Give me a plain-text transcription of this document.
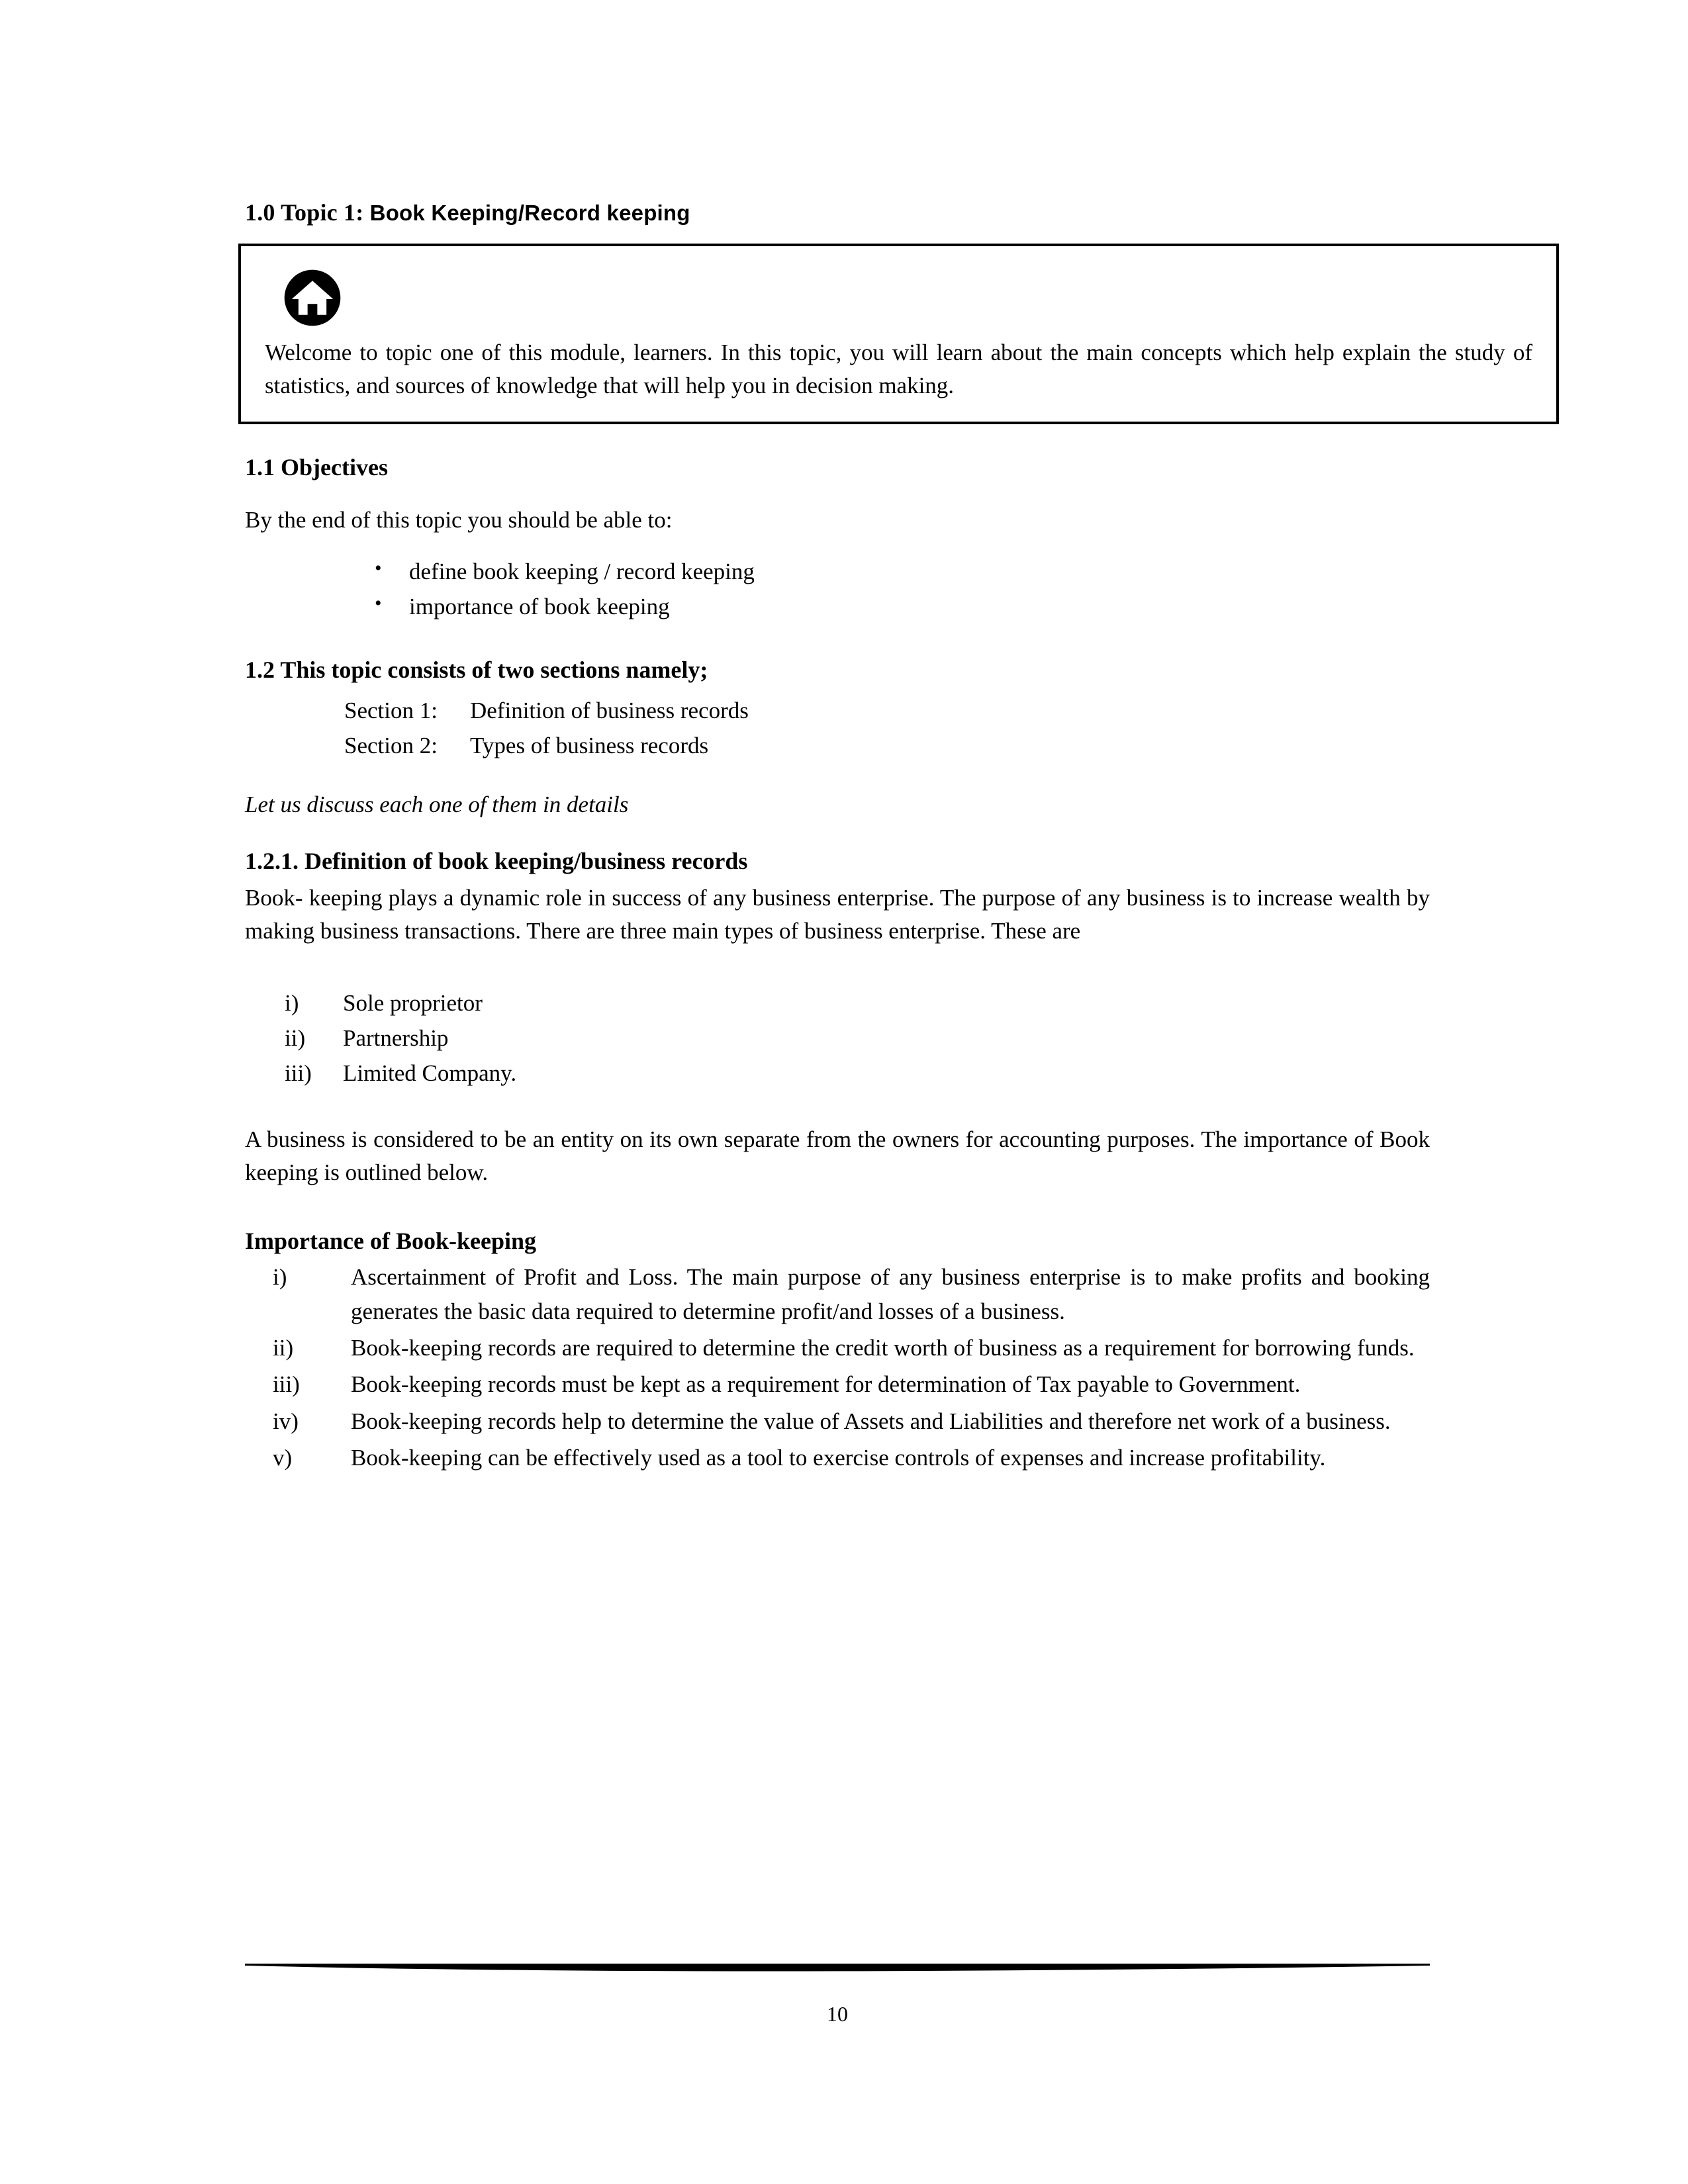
1.0 Topic 1: Book Keeping/Record keeping

Welcome to topic one of this module, learners. In this topic, you will learn about the main concepts which help explain the study of statistics, and sources of knowledge that will help you in decision making.

1.1 Objectives

By the end of this topic you should be able to:

• define book keeping / record keeping
• importance of book keeping
1.2 This topic consists of two sections namely;
Section 1: Definition of business records
Section 2: Types of business records

Let us discuss each one of them in details

1.2.1. Definition of book keeping/business records

Book- keeping plays a dynamic role in success of any business enterprise. The purpose of any business is to increase wealth by making business transactions. There are three main types of business enterprise. These are

i)	Sole proprietor
ii)	Partnership
iii)	Limited Company.

A business is considered to be an entity on its own separate from the owners for accounting purposes. The importance of Book keeping is outlined below.

Importance of Book-keeping
i)	Ascertainment of Profit and Loss. The main purpose of any business enterprise is to make profits and booking generates the basic data required to determine profit/and losses of a business.

ii)	Book-keeping records are required to determine the credit worth of business as a requirement for borrowing funds.

iii)	Book-keeping records must be kept as a requirement for determination of Tax payable to Government.

iv)	Book-keeping records help to determine the value of Assets and Liabilities and therefore net work of a business.

v)	Book-keeping can be effectively used as a tool to exercise controls of expenses and increase profitability.

10
